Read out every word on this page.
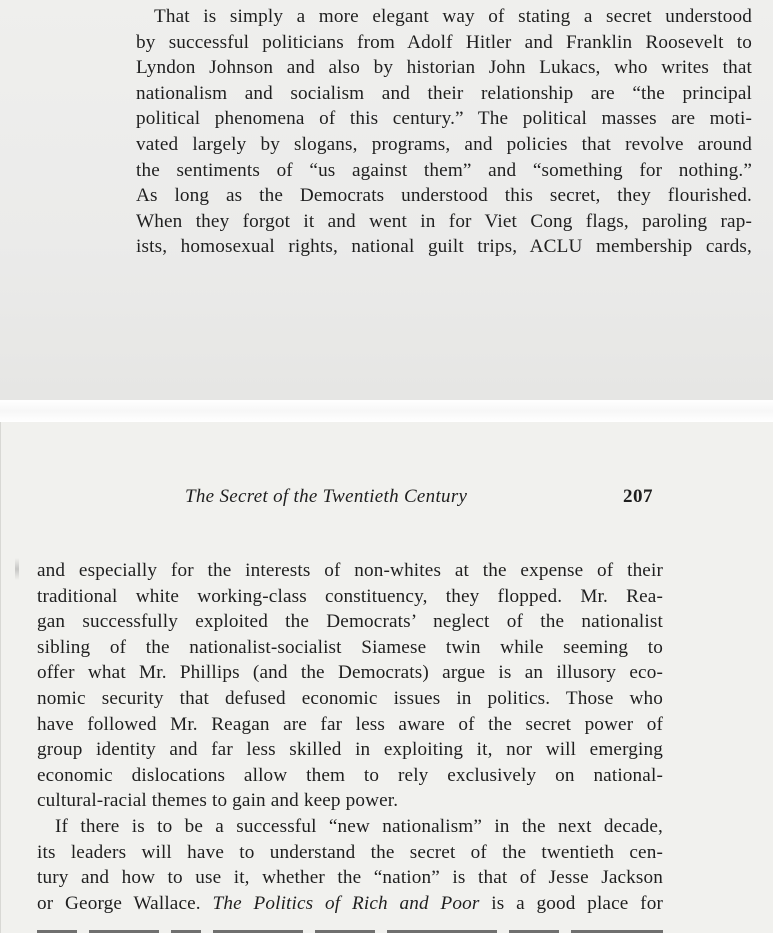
That is simply a more elegant way of stating a secret understood
by successful politicians from Adolf Hitler and Franklin Roosevelt to
Lyndon Johnson and also by historian John Lukacs, who writes that
nationalism and socialism and their relationship are “the principal
political phenomena of this century.” The political masses are moti-
vated largely by slogans, programs, and policies that revolve around
the sentiments of “us against them” and “something for nothing.”
As long as the Democrats understood this secret, they flourished.
When they forgot it and went in for Viet Cong flags, paroling rap-
ists, homosexual rights, national guilt trips, ACLU membership cards,
The Secret of the Twentieth Century	207
and especially for the interests of non-whites at the expense of their
traditional white working-class constituency, they flopped. Mr. Rea-
gan successfully exploited the Democrats’ neglect of the nationalist
sibling of the nationalist-socialist Siamese twin while seeming to
offer what Mr. Phillips (and the Democrats) argue is an illusory eco-
nomic security that defused economic issues in politics. Those who
have followed Mr. Reagan are far less aware of the secret power of
group identity and far less skilled in exploiting it, nor will emerging
economic dislocations allow them to rely exclusively on national-
cultural-racial themes to gain and keep power.
If there is to be a successful “new nationalism” in the next decade,
its leaders will have to understand the secret of the twentieth cen-
tury and how to use it, whether the “nation” is that of Jesse Jackson
or George Wallace. The Politics of Rich and Poor is a good place for
